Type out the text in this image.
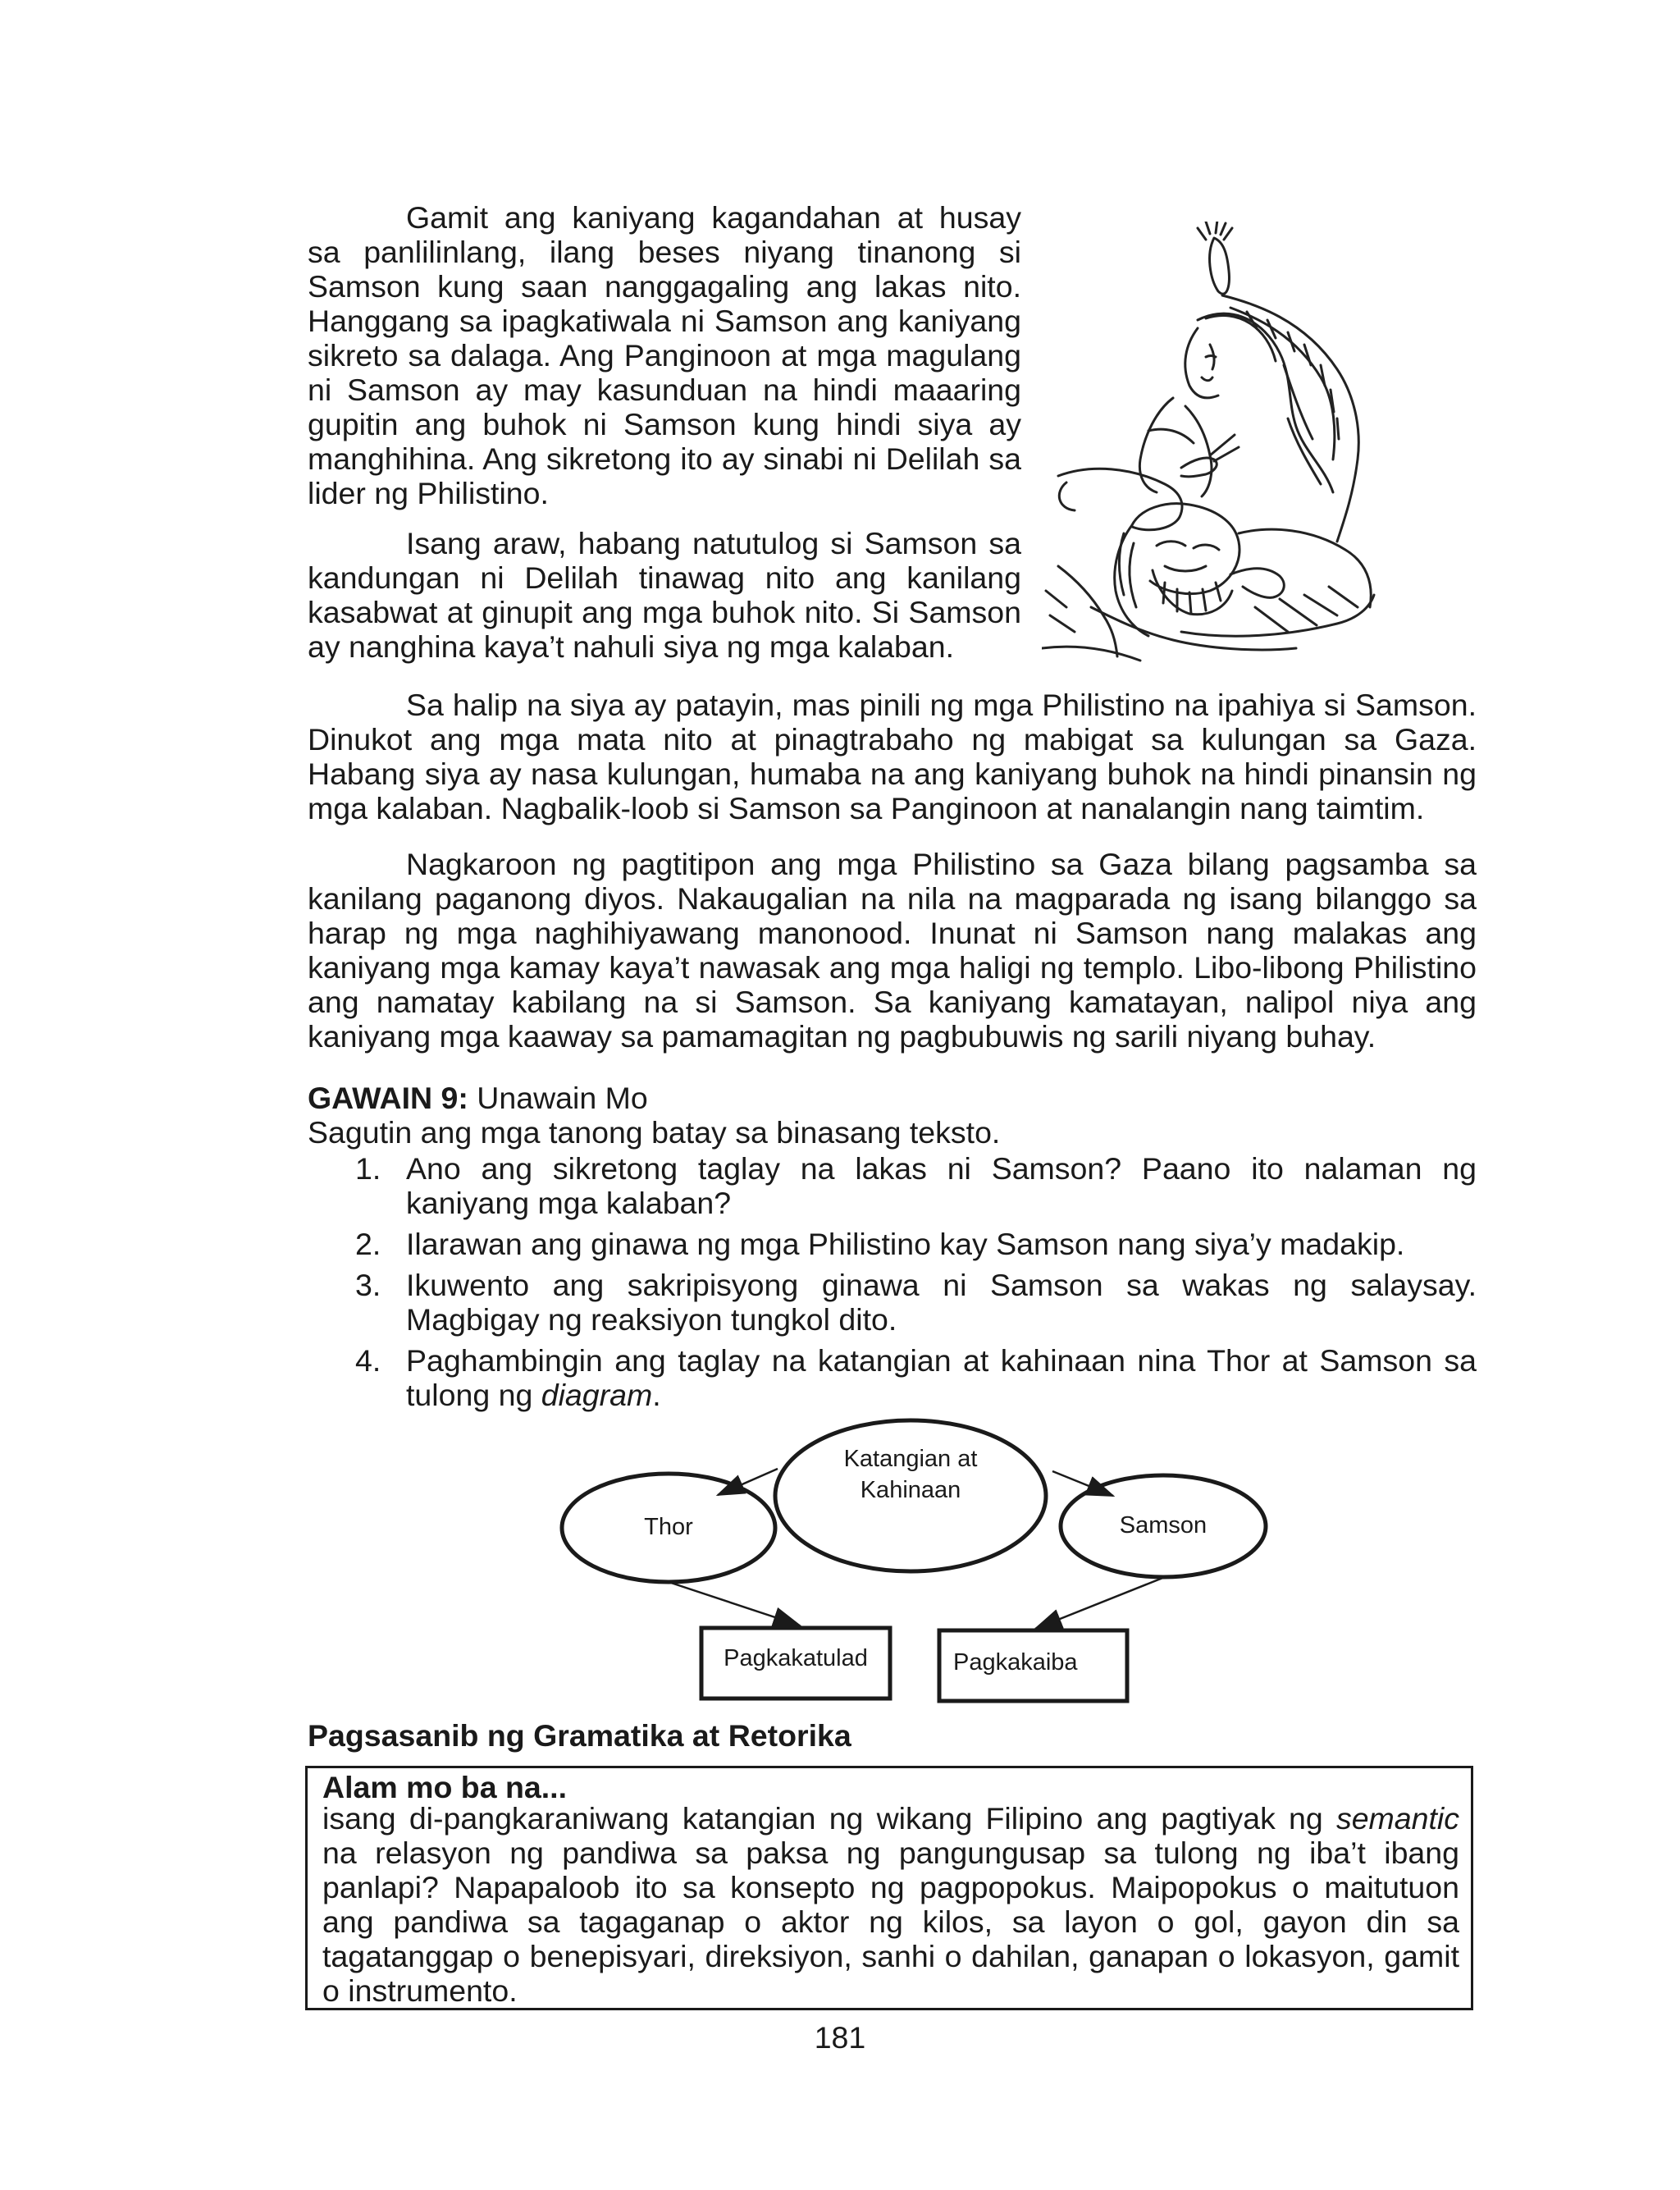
Gamit ang kaniyang kagandahan at husay sa panlilinlang, ilang beses niyang tinanong si Samson kung saan nanggagaling ang lakas nito. Hanggang sa ipagkatiwala ni Samson ang kaniyang sikreto sa dalaga. Ang Panginoon at mga magulang ni Samson ay may kasunduan na hindi maaaring gupitin ang buhok ni Samson kung hindi siya ay manghihina. Ang sikretong ito ay sinabi ni Delilah sa lider ng Philistino.

Isang araw, habang natutulog si Samson sa kandungan ni Delilah tinawag nito ang kanilang kasabwat at ginupit ang mga buhok nito. Si Samson ay nanghina kaya’t nahuli siya ng mga kalaban.

Sa halip na siya ay patayin, mas pinili ng mga Philistino na ipahiya si Samson. Dinukot ang mga mata nito at pinagtrabaho ng mabigat sa kulungan sa Gaza. Habang siya ay nasa kulungan, humaba na ang kaniyang buhok na hindi pinansin ng mga kalaban. Nagbalik-loob si Samson sa Panginoon at nanalangin nang taimtim.

Nagkaroon ng pagtitipon ang mga Philistino sa Gaza bilang pagsamba sa kanilang paganong diyos. Nakaugalian na nila na magparada ng isang bilanggo sa harap ng mga naghihiyawang manonood. Inunat ni Samson nang malakas ang kaniyang mga kamay kaya’t nawasak ang mga haligi ng templo. Libo-libong Philistino ang namatay kabilang na si Samson. Sa kaniyang kamatayan, nalipol niya ang kaniyang mga kaaway sa pamamagitan ng pagbubuwis ng sarili niyang buhay.

GAWAIN 9: Unawain Mo
Sagutin ang mga tanong batay sa binasang teksto.
1. Ano ang sikretong taglay na lakas ni Samson? Paano ito nalaman ng kaniyang mga kalaban?
2. Ilarawan ang ginawa ng mga Philistino kay Samson nang siya’y madakip.
3. Ikuwento ang sakripisyong ginawa ni Samson sa wakas ng salaysay. Magbigay ng reaksiyon tungkol dito.
4. Paghambingin ang taglay na katangian at kahinaan nina Thor at Samson sa tulong ng diagram.
Katangian at
Kahinaan
Thor	Samson
Pagkakatulad	Pagkakaiba
Pagsasanib ng Gramatika at Retorika
Alam mo ba na...

isang di-pangkaraniwang katangian ng wikang Filipino ang pagtiyak ng semantic na relasyon ng pandiwa sa paksa ng pangungusap sa tulong ng iba’t ibang panlapi? Napapaloob ito sa konsepto ng pagpopokus. Maipopokus o maitutuon ang pandiwa sa tagaganap o aktor ng kilos, sa layon o gol, gayon din sa tagatanggap o benepisyari, direksiyon, sanhi o dahilan, ganapan o lokasyon, gamit o instrumento.

181
